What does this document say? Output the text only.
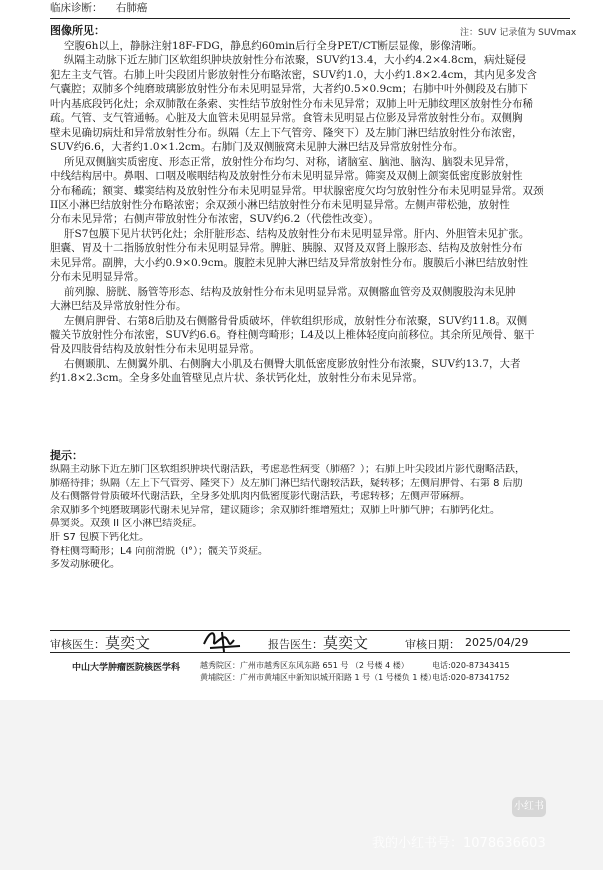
临床诊断： 右肺癌
图像所见：	注：SUV 记录值为 SUVmax
空腹6h以上，静脉注射18F-FDG，静息约60min后行全身PET/CT断层显像，影像清晰。
纵隔主动脉下近左肺门区软组织肿块放射性分布浓聚，SUV约13.4，大小约4.2×4.8cm，病灶疑侵
犯左主支气管。右肺上叶尖段团片影放射性分布略浓密，SUV约1.0，大小约1.8×2.4cm，其内见多发含
气囊腔；双肺多个纯磨玻璃影放射性分布未见明显异常，大者约0.5×0.9cm；右肺中叶外侧段及右肺下
叶内基底段钙化灶；余双肺散在条索、实性结节放射性分布未见异常；双肺上叶无肺纹理区放射性分布稀
疏。气管、支气管通畅。心脏及大血管未见明显异常。食管未见明显占位影及异常放射性分布。双侧胸
壁未见确切病灶和异常放射性分布。纵隔（左上下气管旁、隆突下）及左肺门淋巴结放射性分布浓密，
SUV约6.6，大者约1.0×1.2cm。右肺门及双侧腋窝未见肿大淋巴结及异常放射性分布。
所见双侧脑实质密度、形态正常，放射性分布均匀、对称，诸脑室、脑池、脑沟、脑裂未见异常，
中线结构居中。鼻咽、口咽及喉咽结构及放射性分布未见明显异常。筛窦及双侧上颌窦低密度影放射性
分布稀疏；额窦、蝶窦结构及放射性分布未见明显异常。甲状腺密度欠均匀放射性分布未见明显异常。双颈
II区小淋巴结放射性分布略浓密；余双颈小淋巴结放射性分布未见明显异常。左侧声带松弛，放射性
分布未见异常；右侧声带放射性分布浓密，SUV约6.2（代偿性改变）。
肝S7包膜下见片状钙化灶；余肝脏形态、结构及放射性分布未见明显异常。肝内、外胆管未见扩张。
胆囊、胃及十二指肠放射性分布未见明显异常。脾脏、胰腺、双肾及双肾上腺形态、结构及放射性分布
未见异常。副脾，大小约0.9×0.9cm。腹腔未见肿大淋巴结及异常放射性分布。腹膜后小淋巴结放射性
分布未见明显异常。
前列腺、膀胱、肠管等形态、结构及放射性分布未见明显异常。双侧髂血管旁及双侧腹股沟未见肿
大淋巴结及异常放射性分布。
左侧肩胛骨、右第8后肋及右侧髂骨骨质破坏，伴软组织形成，放射性分布浓聚，SUV约11.8。双侧
髋关节放射性分布浓密，SUV约6.6。脊柱侧弯畸形；L4及以上椎体轻度向前移位。其余所见颅骨、躯干
骨及四肢骨结构及放射性分布未见明显异常。
右侧颞肌、左侧翼外肌、右侧胸大小肌及右侧臀大肌低密度影放射性分布浓聚，SUV约13.7，大者
约1.8×2.3cm。全身多处血管壁见点片状、条状钙化灶，放射性分布未见异常。
提示：
纵隔主动脉下近左肺门区软组织肿块代谢活跃，考虑恶性病变（肺癌？）；右肺上叶尖段团片影代谢略活跃，
肺癌待排；纵隔（左上下气管旁、隆突下）及左肺门淋巴结代谢较活跃，疑转移；左侧肩胛骨、右第 8 后肋
及右侧髂骨骨质破坏代谢活跃，全身多处肌肉内低密度影代谢活跃，考虑转移；左侧声带麻痹。
余双肺多个纯磨玻璃影代谢未见异常，建议随诊；余双肺纤维增殖灶；双肺上叶肺气肿；右肺钙化灶。
鼻窦炎。双颈 II 区小淋巴结炎症。
肝 S7 包膜下钙化灶。
脊柱侧弯畸形；L4 向前滑脱（I°）；髋关节炎症。
多发动脉硬化。
审核医生： 莫奕文	报告医生： 莫奕文	审核日期： 2025/04/29
中山大学肿瘤医院核医学科 越秀院区：广州市越秀区东风东路 651 号 （2 号楼 4 楼）
黄埔院区：广州市黄埔区中新知识城开阳路 1 号（1 号楼负 1 楼）
电话:020-87343415
电话:020-87341752
小红书
我的小红书号：1078636603
